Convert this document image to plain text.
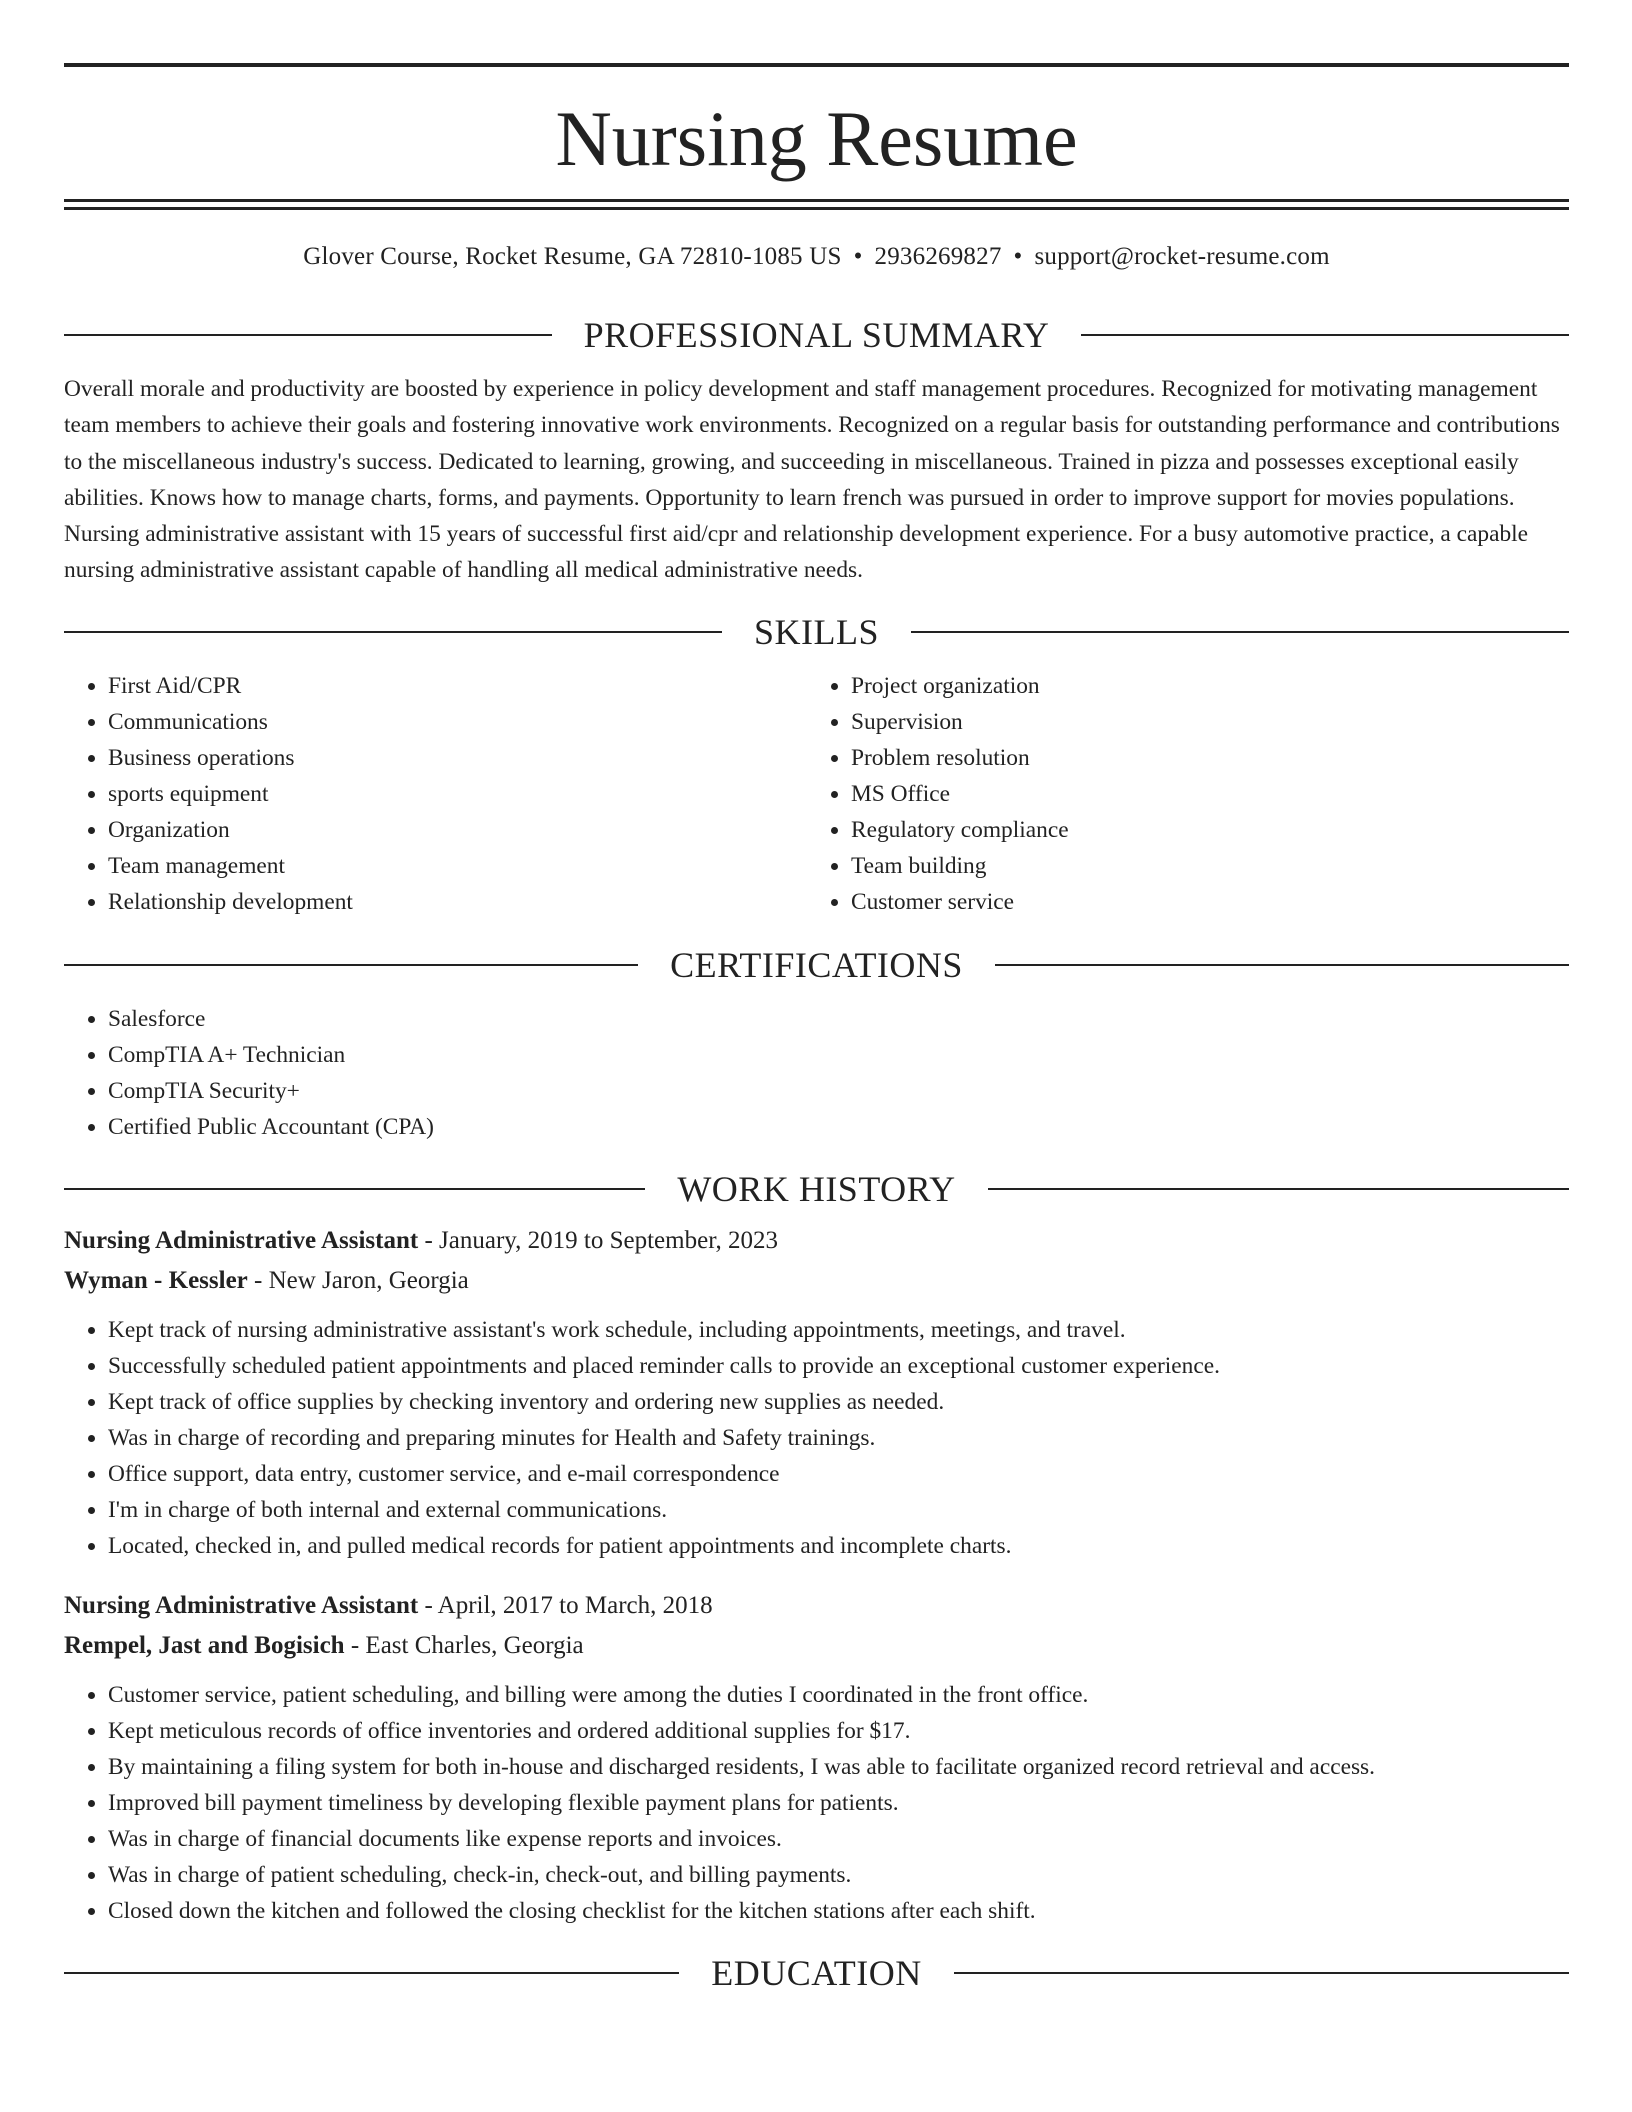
Nursing Resume
Glover Course, Rocket Resume, GA 72810-1085 US • 2936269827 • support@rocket-resume.com
PROFESSIONAL SUMMARY

Overall morale and productivity are boosted by experience in policy development and staff management procedures. Recognized for motivating management team members to achieve their goals and fostering innovative work environments. Recognized on a regular basis for outstanding performance and contributions to the miscellaneous industry's success. Dedicated to learning, growing, and succeeding in miscellaneous. Trained in pizza and possesses exceptional easily abilities. Knows how to manage charts, forms, and payments. Opportunity to learn french was pursued in order to improve support for movies populations. Nursing administrative assistant with 15 years of successful first aid/cpr and relationship development experience. For a busy automotive practice, a capable nursing administrative assistant capable of handling all medical administrative needs.

SKILLS
• First Aid/CPR
• Communications
• Business operations
• sports equipment
• Organization
• Team management
• Relationship development
• Project organization
• Supervision
• Problem resolution
• MS Office
• Regulatory compliance
• Team building
• Customer service
CERTIFICATIONS
• Salesforce
• CompTIA A+ Technician
• CompTIA Security+
• Certified Public Accountant (CPA)
WORK HISTORY
Nursing Administrative Assistant - January, 2019 to September, 2023
Wyman - Kessler - New Jaron, Georgia
• Kept track of nursing administrative assistant's work schedule, including appointments, meetings, and travel.
• Successfully scheduled patient appointments and placed reminder calls to provide an exceptional customer experience.
• Kept track of office supplies by checking inventory and ordering new supplies as needed.
• Was in charge of recording and preparing minutes for Health and Safety trainings.
• Office support, data entry, customer service, and e-mail correspondence
• I'm in charge of both internal and external communications.
• Located, checked in, and pulled medical records for patient appointments and incomplete charts.
Nursing Administrative Assistant - April, 2017 to March, 2018
Rempel, Jast and Bogisich - East Charles, Georgia
• Customer service, patient scheduling, and billing were among the duties I coordinated in the front office.
• Kept meticulous records of office inventories and ordered additional supplies for $17.
• By maintaining a filing system for both in-house and discharged residents, I was able to facilitate organized record retrieval and access.
• Improved bill payment timeliness by developing flexible payment plans for patients.
• Was in charge of financial documents like expense reports and invoices.
• Was in charge of patient scheduling, check-in, check-out, and billing payments.
• Closed down the kitchen and followed the closing checklist for the kitchen stations after each shift.
EDUCATION
